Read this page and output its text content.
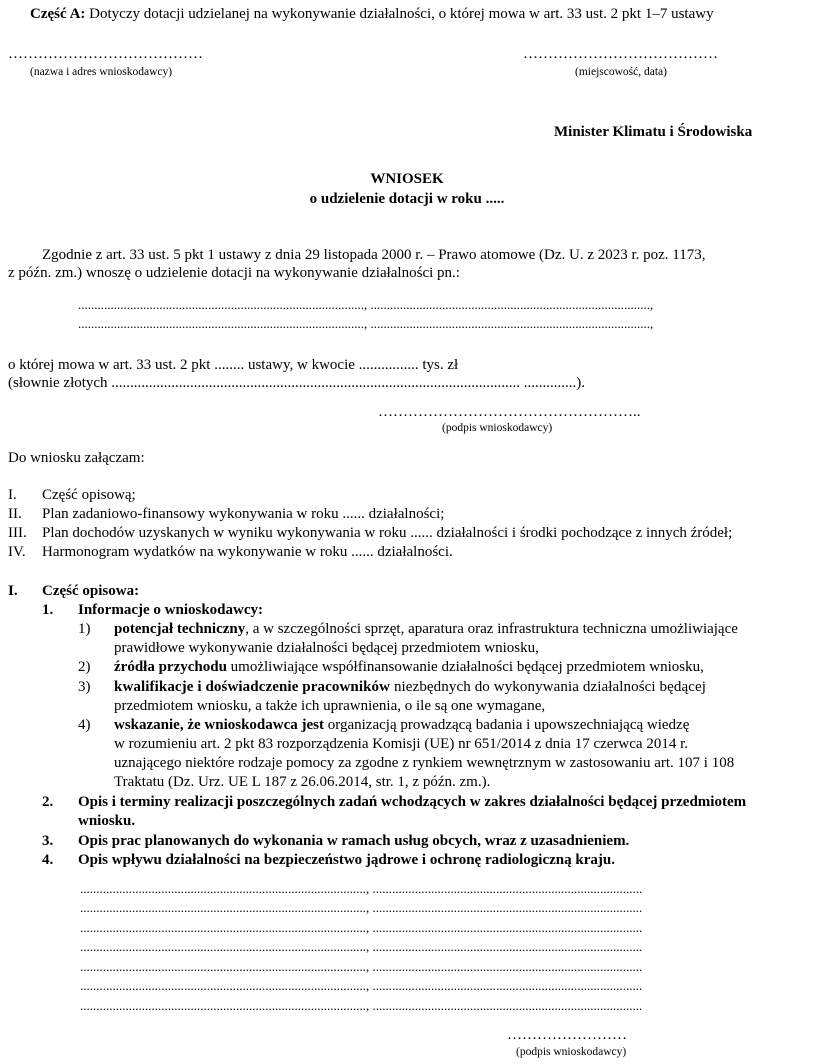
Część A: Dotyczy dotacji udzielanej na wykonywanie działalności, o której mowa w art. 33 ust. 2 pkt 1–7 ustawy
…………………………………
(nazwa i adres wnioskodawcy)
…………………………………
(miejscowość, data)
Minister Klimatu i Środowiska
WNIOSEK
o udzielenie dotacji w roku .....
Zgodnie z art. 33 ust. 5 pkt 1 ustawy z dnia 29 listopada 2000 r. – Prawo atomowe (Dz. U. z 2023 r. poz. 1173,
z późn. zm.) wnoszę o udzielenie dotacji na wykonywanie działalności pn.:
........................................................................................, ......................................................................................,
........................................................................................, ......................................................................................,
o której mowa w art. 33 ust. 2 pkt ........ ustawy, w kwocie ................ tys. zł
(słownie złotych ............................................................................................................. ..............).
……………………………………………..
(podpis wnioskodawcy)
Do wniosku załączam:
I. Część opisową;
II. Plan zadaniowo-finansowy wykonywania w roku ...... działalności;
III. Plan dochodów uzyskanych w wyniku wykonywania w roku ...... działalności i środki pochodzące z innych źródeł;
IV. Harmonogram wydatków na wykonywanie w roku ...... działalności.
I. Część opisowa:
1. Informacje o wnioskodawcy:
1) potencjał techniczny, a w szczególności sprzęt, aparatura oraz infrastruktura techniczna umożliwiające
prawidłowe wykonywanie działalności będącej przedmiotem wniosku,
2) źródła przychodu umożliwiające współfinansowanie działalności będącej przedmiotem wniosku,
3) kwalifikacje i doświadczenie pracowników niezbędnych do wykonywania działalności będącej
przedmiotem wniosku, a także ich uprawnienia, o ile są one wymagane,
4) wskazanie, że wnioskodawca jest organizacją prowadzącą badania i upowszechniającą wiedzę
w rozumieniu art. 2 pkt 83 rozporządzenia Komisji (UE) nr 651/2014 z dnia 17 czerwca 2014 r.
uznającego niektóre rodzaje pomocy za zgodne z rynkiem wewnętrznym w zastosowaniu art. 107 i 108
Traktatu (Dz. Urz. UE L 187 z 26.06.2014, str. 1, z późn. zm.).
2. Opis i terminy realizacji poszczególnych zadań wchodzących w zakres działalności będącej przedmiotem
wniosku.
3. Opis prac planowanych do wykonania w ramach usług obcych, wraz z uzasadnieniem.
4. Opis wpływu działalności na bezpieczeństwo jądrowe i ochronę radiologiczną kraju.
........................................................................................, ...................................................................................
........................................................................................, ...................................................................................
........................................................................................, ...................................................................................
........................................................................................, ...................................................................................
........................................................................................, ...................................................................................
........................................................................................, ...................................................................................
........................................................................................, ...................................................................................
……………………
(podpis wnioskodawcy)
